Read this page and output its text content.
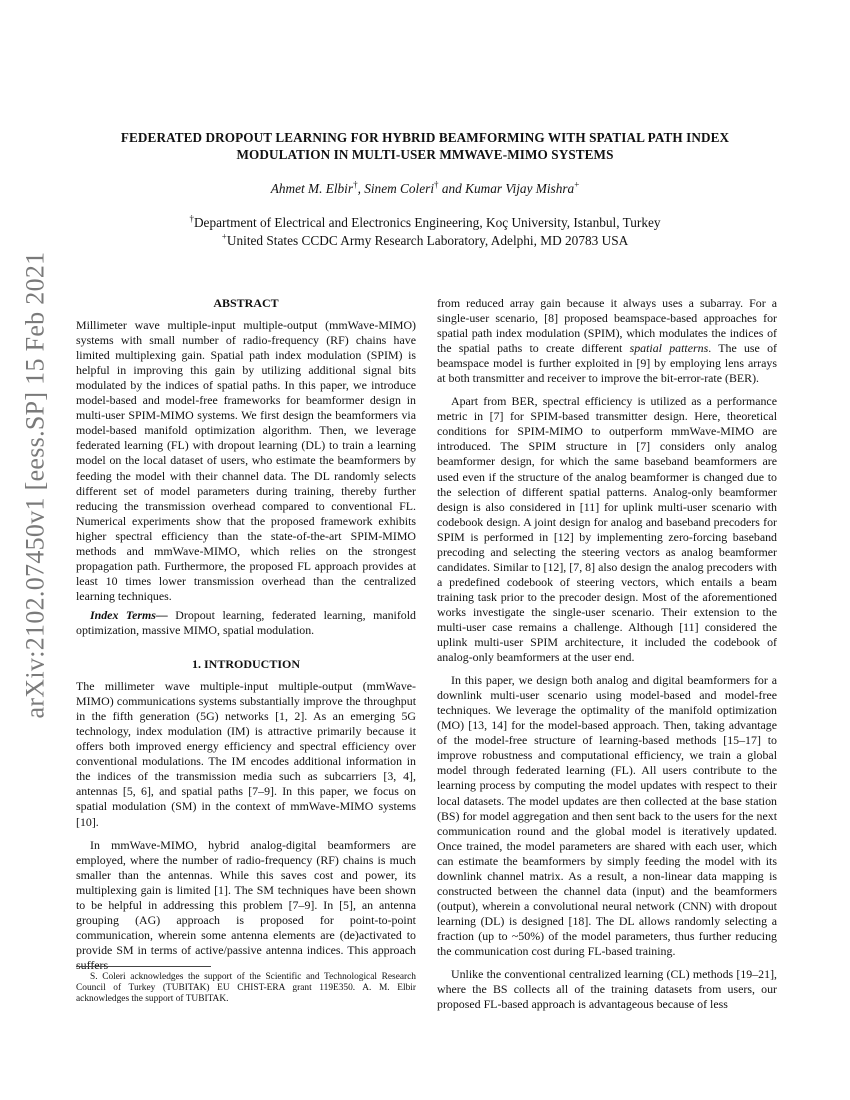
arXiv:2102.07450v1 [eess.SP] 15 Feb 2021
FEDERATED DROPOUT LEARNING FOR HYBRID BEAMFORMING WITH SPATIAL PATH INDEX
MODULATION IN MULTI-USER MMWAVE-MIMO SYSTEMS
Ahmet M. Elbir†, Sinem Coleri† and Kumar Vijay Mishra+
†Department of Electrical and Electronics Engineering, Koç University, Istanbul, Turkey
+United States CCDC Army Research Laboratory, Adelphi, MD 20783 USA
ABSTRACT

Millimeter wave multiple-input multiple-output (mmWave-MIMO) systems with small number of radio-frequency (RF) chains have limited multiplexing gain. Spatial path index modulation (SPIM) is helpful in improving this gain by utilizing additional signal bits modulated by the indices of spatial paths. In this paper, we introduce model-based and model-free frameworks for beamformer design in multi-user SPIM-MIMO systems. We first design the beamformers via model-based manifold optimization algorithm. Then, we leverage federated learning (FL) with dropout learning (DL) to train a learning model on the local dataset of users, who estimate the beamformers by feeding the model with their channel data. The DL randomly selects different set of model parameters during training, thereby further reducing the transmission overhead compared to conventional FL. Numerical experiments show that the proposed framework exhibits higher spectral efficiency than the state-of-the-art SPIM-MIMO methods and mmWave-MIMO, which relies on the strongest propagation path. Furthermore, the proposed FL approach provides at least 10 times lower transmission overhead than the centralized learning techniques.

Index Terms— Dropout learning, federated learning, manifold optimization, massive MIMO, spatial modulation.

1. INTRODUCTION

The millimeter wave multiple-input multiple-output (mmWave-MIMO) communications systems substantially improve the throughput in the fifth generation (5G) networks [1, 2]. As an emerging 5G technology, index modulation (IM) is attractive primarily because it offers both improved energy efficiency and spectral efficiency over conventional modulations. The IM encodes additional information in the indices of the transmission media such as subcarriers [3, 4], antennas [5, 6], and spatial paths [7–9]. In this paper, we focus on spatial modulation (SM) in the context of mmWave-MIMO systems [10].

In mmWave-MIMO, hybrid analog-digital beamformers are employed, where the number of radio-frequency (RF) chains is much smaller than the antennas. While this saves cost and power, its multiplexing gain is limited [1]. The SM techniques have been shown to be helpful in addressing this problem [7–9]. In [5], an antenna grouping (AG) approach is proposed for point-to-point communication, wherein some antenna elements are (de)activated to provide SM in terms of active/passive antenna indices. This approach suffers

from reduced array gain because it always uses a subarray. For a single-user scenario, [8] proposed beamspace-based approaches for spatial path index modulation (SPIM), which modulates the indices of the spatial paths to create different spatial patterns. The use of beamspace model is further exploited in [9] by employing lens arrays at both transmitter and receiver to improve the bit-error-rate (BER).

Apart from BER, spectral efficiency is utilized as a performance metric in [7] for SPIM-based transmitter design. Here, theoretical conditions for SPIM-MIMO to outperform mmWave-MIMO are introduced. The SPIM structure in [7] considers only analog beamformer design, for which the same baseband beamformers are used even if the structure of the analog beamformer is changed due to the selection of different spatial patterns. Analog-only beamformer design is also considered in [11] for uplink multi-user scenario with codebook design. A joint design for analog and baseband precoders for SPIM is performed in [12] by implementing zero-forcing baseband precoding and selecting the steering vectors as analog beamformer candidates. Similar to [12], [7, 8] also design the analog precoders with a predefined codebook of steering vectors, which entails a beam training task prior to the precoder design. Most of the aforementioned works investigate the single-user scenario. Their extension to the multi-user case remains a challenge. Although [11] considered the uplink multi-user SPIM architecture, it included the codebook of analog-only beamformers at the user end.

In this paper, we design both analog and digital beamformers for a downlink multi-user scenario using model-based and model-free techniques. We leverage the optimality of the manifold optimization (MO) [13, 14] for the model-based approach. Then, taking advantage of the model-free structure of learning-based methods [15–17] to improve robustness and computational efficiency, we train a global model through federated learning (FL). All users contribute to the learning process by computing the model updates with respect to their local datasets. The model updates are then collected at the base station (BS) for model aggregation and then sent back to the users for the next communication round and the global model is iteratively updated. Once trained, the model parameters are shared with each user, which can estimate the beamformers by simply feeding the model with its downlink channel matrix. As a result, a non-linear data mapping is constructed between the channel data (input) and the beamformers (output), wherein a convolutional neural network (CNN) with dropout learning (DL) is designed [18]. The DL allows randomly selecting a fraction (up to ~50%) of the model parameters, thus further reducing the communication cost during FL-based training.

Unlike the conventional centralized learning (CL) methods [19–21], where the BS collects all of the training datasets from users, our proposed FL-based approach is advantageous because of less

S. Coleri acknowledges the support of the Scientific and Technological Research Council of Turkey (TUBITAK) EU CHIST-ERA grant 119E350. A. M. Elbir acknowledges the support of TUBITAK.
